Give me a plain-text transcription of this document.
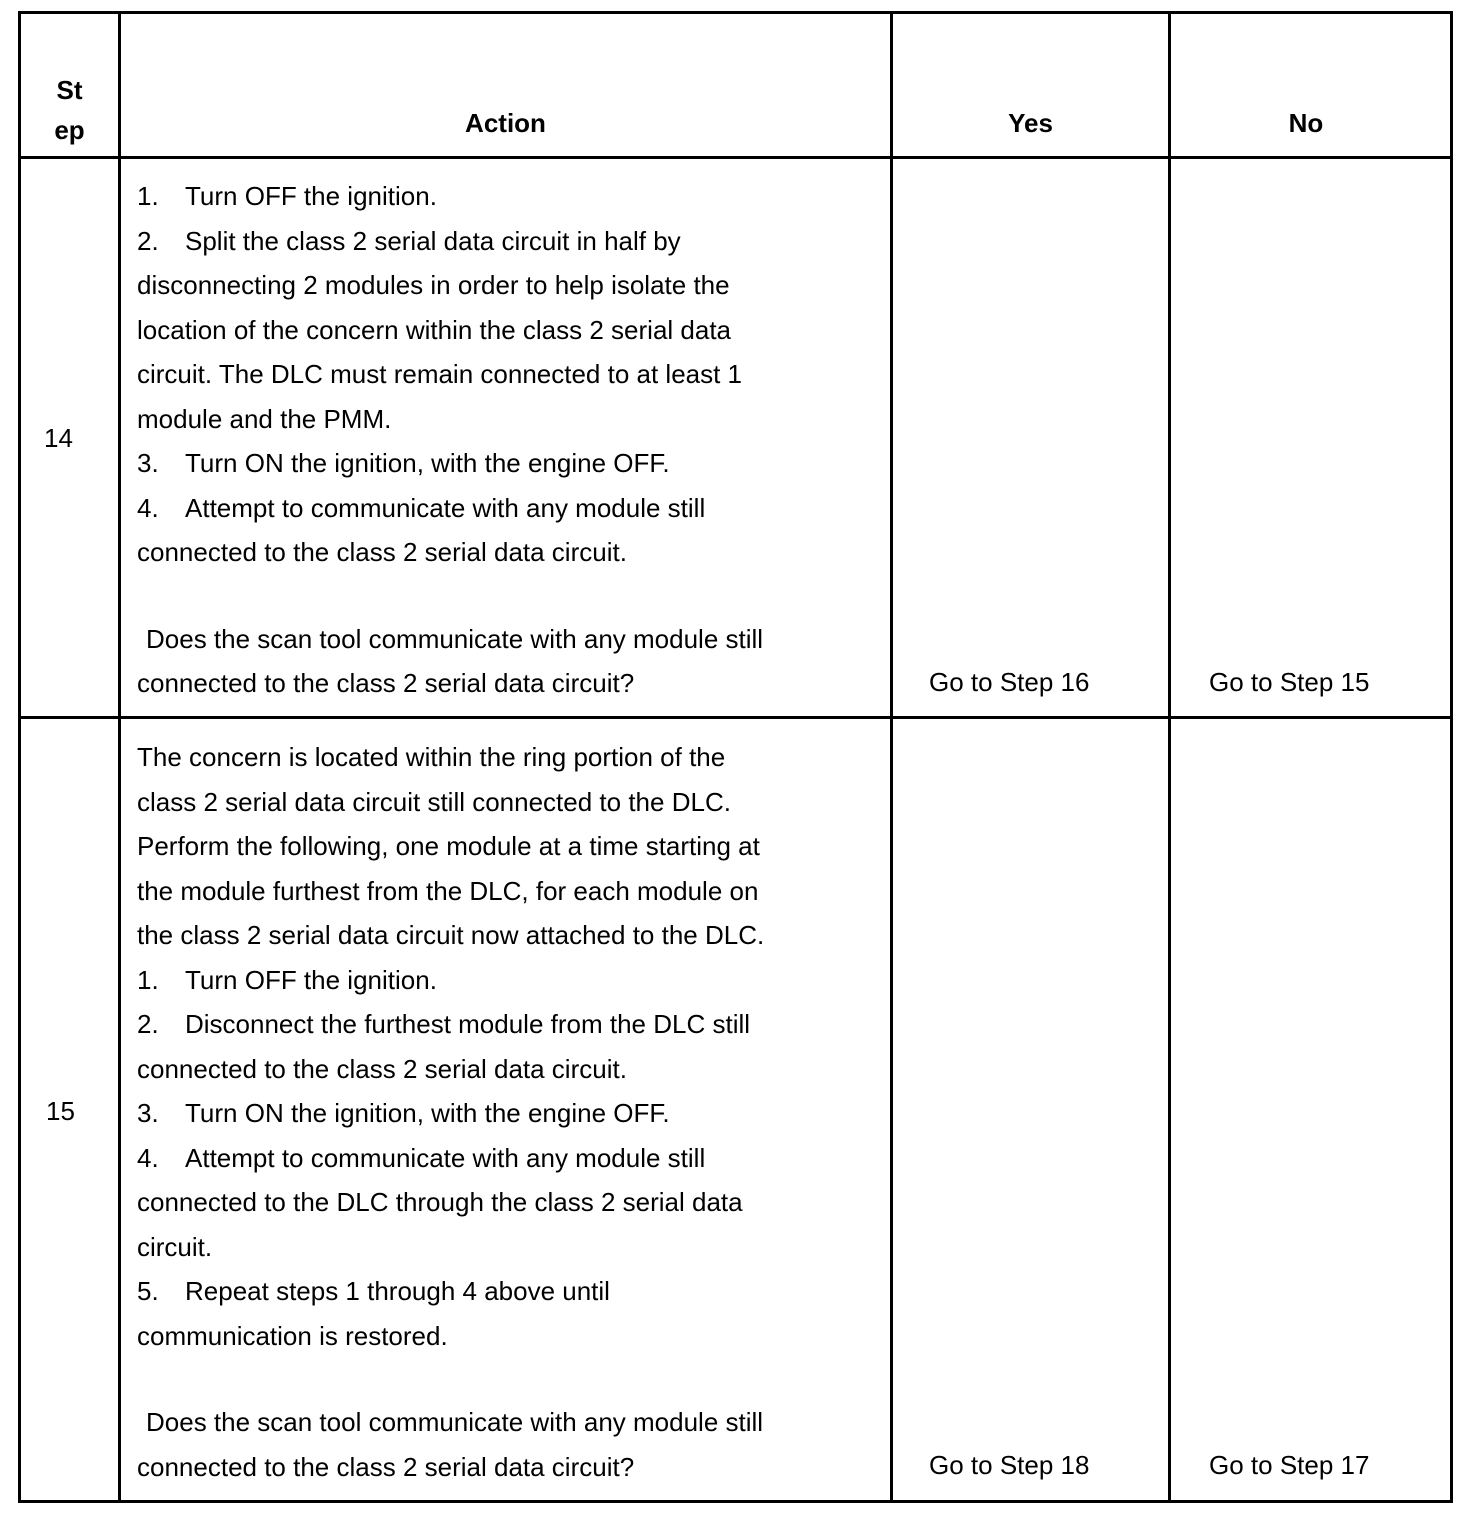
St
ep	Action	Yes	No
14

1. Turn OFF the ignition.

2. Split the class 2 serial data circuit in half by

disconnecting 2 modules in order to help isolate the

location of the concern within the class 2 serial data

circuit. The DLC must remain connected to at least 1

module and the PMM.

3. Turn ON the ignition, with the engine OFF.

4. Attempt to communicate with any module still

connected to the class 2 serial data circuit.

Does the scan tool communicate with any module still

connected to the class 2 serial data circuit?	Go to Step 16	Go to Step 15
15

The concern is located within the ring portion of the

class 2 serial data circuit still connected to the DLC.

Perform the following, one module at a time starting at

the module furthest from the DLC, for each module on

the class 2 serial data circuit now attached to the DLC.

1. Turn OFF the ignition.

2. Disconnect the furthest module from the DLC still

connected to the class 2 serial data circuit.

3. Turn ON the ignition, with the engine OFF.

4. Attempt to communicate with any module still

connected to the DLC through the class 2 serial data

circuit.

5. Repeat steps 1 through 4 above until

communication is restored.

Does the scan tool communicate with any module still

connected to the class 2 serial data circuit?	Go to Step 18	Go to Step 17
